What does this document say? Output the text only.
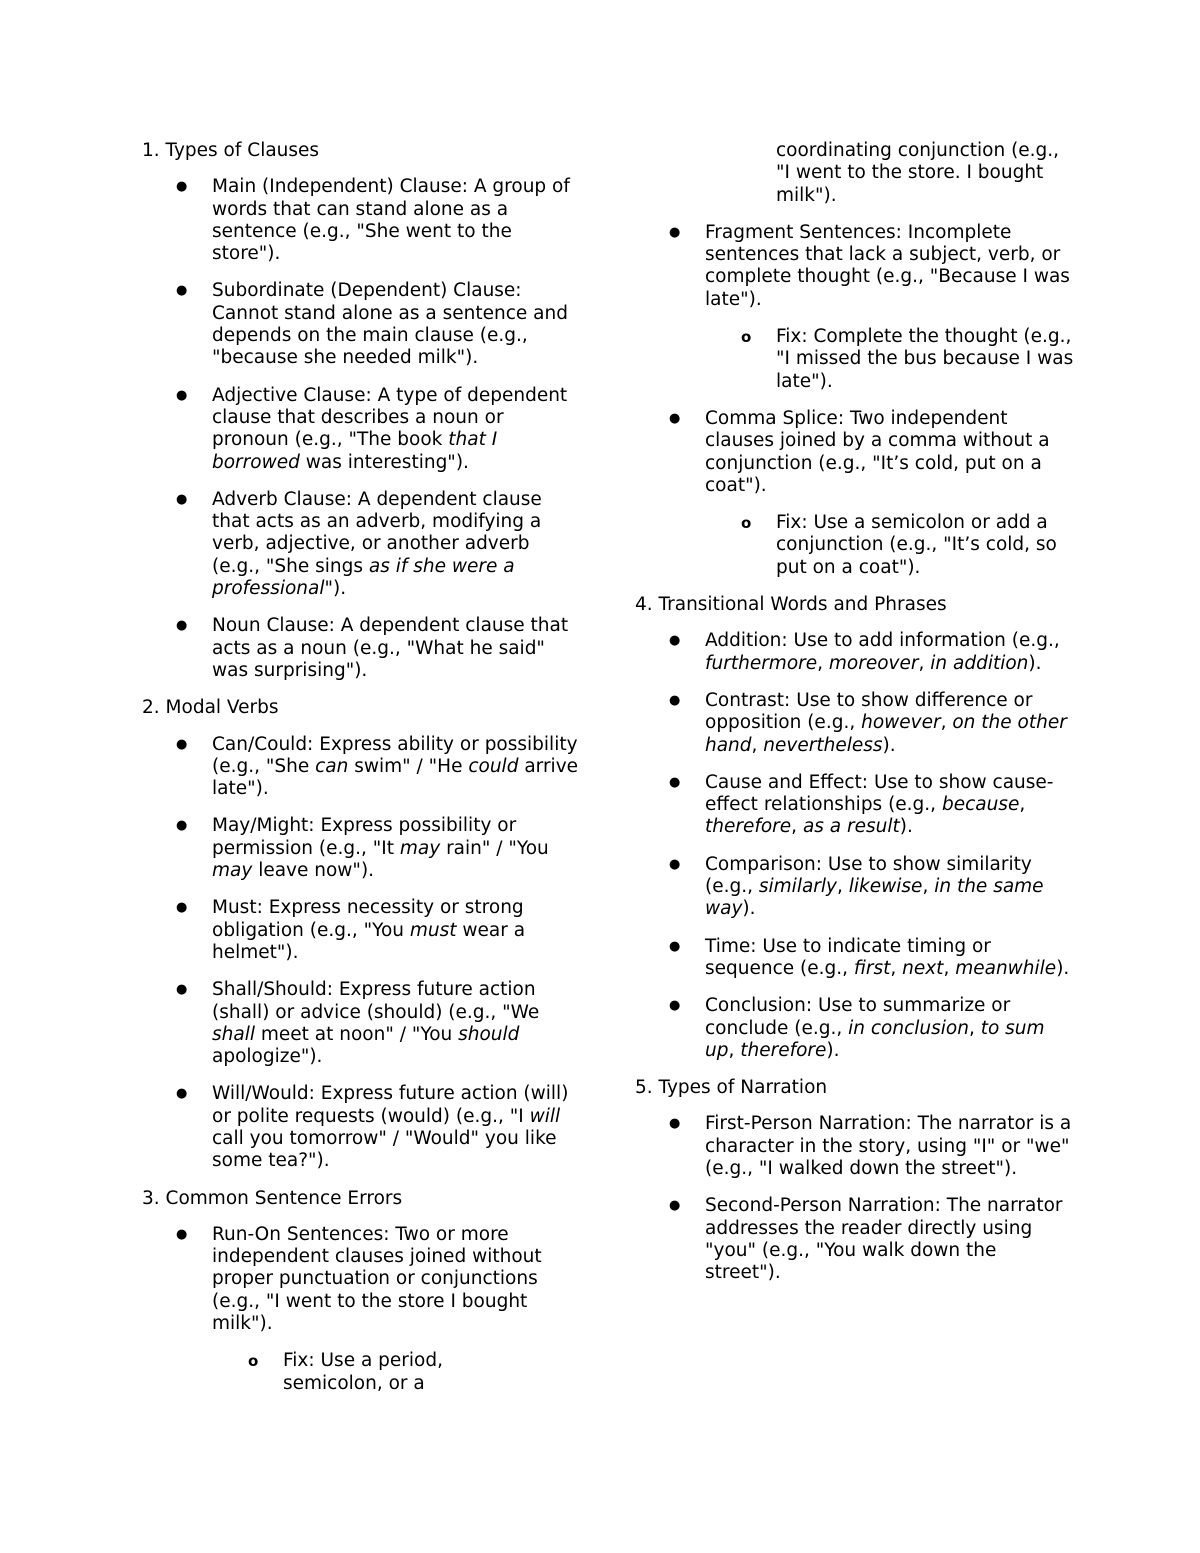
1. Types of Clauses
● Main (Independent) Clause: A group of words that can stand alone as a sentence (e.g., "She went to the store").
● Subordinate (Dependent) Clause: Cannot stand alone as a sentence and depends on the main clause (e.g., "because she needed milk").
● Adjective Clause: A type of dependent clause that describes a noun or pronoun (e.g., "The book that I borrowed was interesting").
● Adverb Clause: A dependent clause that acts as an adverb, modifying a verb, adjective, or another adverb (e.g., "She sings as if she were a professional").
● Noun Clause: A dependent clause that acts as a noun (e.g., "What he said" was surprising").
2. Modal Verbs
● Can/Could: Express ability or possibility (e.g., "She can swim" / "He could arrive late").
● May/Might: Express possibility or permission (e.g., "It may rain" / "You may leave now").
● Must: Express necessity or strong obligation (e.g., "You must wear a helmet").
● Shall/Should: Express future action (shall) or advice (should) (e.g., "We shall meet at noon" / "You should apologize").
● Will/Would: Express future action (will) or polite requests (would) (e.g., "I will call you tomorrow" / "Would" you like some tea?").
3. Common Sentence Errors
● Run-On Sentences: Two or more independent clauses joined without proper punctuation or conjunctions (e.g., "I went to the store I bought milk").
o Fix: Use a period, semicolon, or a
coordinating conjunction (e.g., "I went to the store. I bought milk").
● Fragment Sentences: Incomplete sentences that lack a subject, verb, or complete thought (e.g., "Because I was late").
o Fix: Complete the thought (e.g., "I missed the bus because I was late").
● Comma Splice: Two independent clauses joined by a comma without a conjunction (e.g., "It’s cold, put on a coat").
o Fix: Use a semicolon or add a conjunction (e.g., "It’s cold, so put on a coat").
4. Transitional Words and Phrases
● Addition: Use to add information (e.g., furthermore, moreover, in addition).
● Contrast: Use to show difference or opposition (e.g., however, on the other hand, nevertheless).
● Cause and Effect: Use to show cause-effect relationships (e.g., because, therefore, as a result).
● Comparison: Use to show similarity (e.g., similarly, likewise, in the same way).
● Time: Use to indicate timing or sequence (e.g., first, next, meanwhile).
● Conclusion: Use to summarize or conclude (e.g., in conclusion, to sum up, therefore).
5. Types of Narration
● First-Person Narration: The narrator is a character in the story, using "I" or "we" (e.g., "I walked down the street").
● Second-Person Narration: The narrator addresses the reader directly using "you" (e.g., "You walk down the street").
